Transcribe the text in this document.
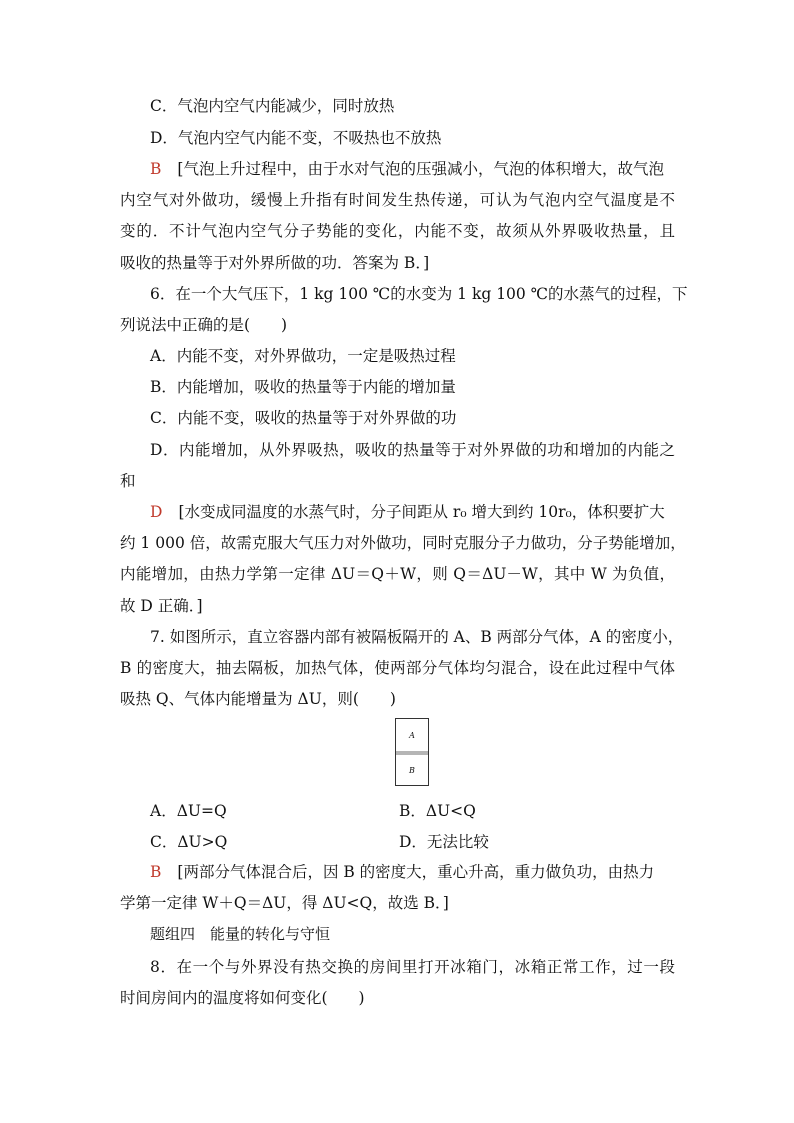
C．气泡内空气内能减少，同时放热
D．气泡内空气内能不变，不吸热也不放热
B [气泡上升过程中，由于水对气泡的压强减小，气泡的体积增大，故气泡
内空气对外做功，缓慢上升指有时间发生热传递，可认为气泡内空气温度是不
变的．不计气泡内空气分子势能的变化，内能不变，故须从外界吸收热量，且
吸收的热量等于对外界所做的功．答案为 B．]
6．在一个大气压下，1 kg 100 ℃的水变为 1 kg 100 ℃的水蒸气的过程，下
列说法中正确的是(　　)
A．内能不变，对外界做功，一定是吸热过程
B．内能增加，吸收的热量等于内能的增加量
C．内能不变，吸收的热量等于对外界做的功
D．内能增加，从外界吸热，吸收的热量等于对外界做的功和增加的内能之
和
D [水变成同温度的水蒸气时，分子间距从 r₀ 增大到约 10r₀，体积要扩大
约 1 000 倍，故需克服大气压力对外做功，同时克服分子力做功，分子势能增加，
内能增加，由热力学第一定律 ΔU＝Q＋W，则 Q＝ΔU－W，其中 W 为负值，
故 D 正确．]
7. 如图所示，直立容器内部有被隔板隔开的 A、B 两部分气体，A 的密度小，
B 的密度大，抽去隔板，加热气体，使两部分气体均匀混合，设在此过程中气体
吸热 Q、气体内能增量为 ΔU，则(　　)
A
B
A．ΔU=Q	B．ΔU<Q
C．ΔU>Q	D．无法比较
B [两部分气体混合后，因 B 的密度大，重心升高，重力做负功，由热力
学第一定律 W＋Q＝ΔU，得 ΔU<Q，故选 B．]
题组四　能量的转化与守恒
8．在一个与外界没有热交换的房间里打开冰箱门，冰箱正常工作，过一段
时间房间内的温度将如何变化(　　)
